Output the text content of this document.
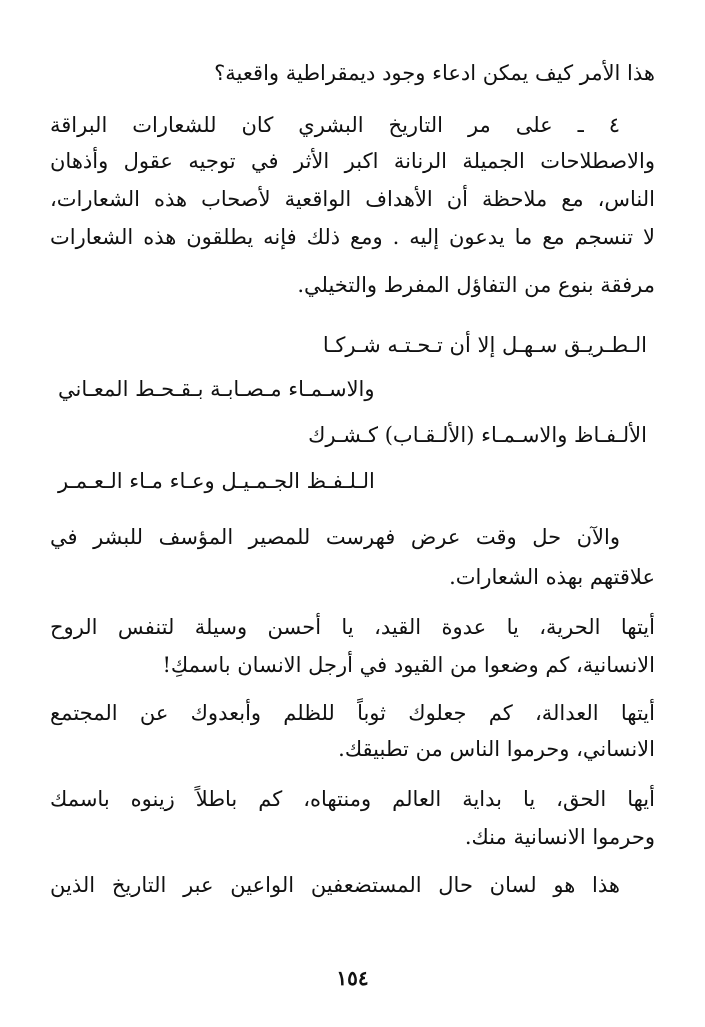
هذا الأمر كيف يمكن ادعاء وجود ديمقراطية واقعية؟
٤ ـ على مر التاريخ البشري كان للشعارات البراقة
والاصطلاحات الجميلة الرنانة اكبر الأثر في توجيه عقول وأذهان
الناس، مع ملاحظة أن الأهداف الواقعية لأصحاب هذه الشعارات،
لا تنسجم مع ما يدعون إليه . ومع ذلك فإنه يطلقون هذه الشعارات
مرفقة بنوع من التفاؤل المفرط والتخيلي.
الـطـريـق سـهـل إلا أن تـحـتـه شـركـا
والاسـمـاء مـصـابـة بـقـحـط المعـاني
الألـفـاظ والاسـمـاء (الألـقـاب) كـشـرك
الـلـفـظ الجـمـيـل وعـاء مـاء الـعـمـر
والآن حل وقت عرض فهرست للمصير المؤسف للبشر في
علاقتهم بهذه الشعارات.
أيتها الحرية، يا عدوة القيد، يا أحسن وسيلة لتنفس الروح
الانسانية، كم وضعوا من القيود في أرجل الانسان باسمكِ!
أيتها العدالة، كم جعلوك ثوباً للظلم وأبعدوك عن المجتمع
الانساني، وحرموا الناس من تطبيقك.
أيها الحق، يا بداية العالم ومنتهاه، كم باطلاً زينوه باسمك
وحرموا الانسانية منك.
هذا هو لسان حال المستضعفين الواعين عبر التاريخ الذين
١٥٤
